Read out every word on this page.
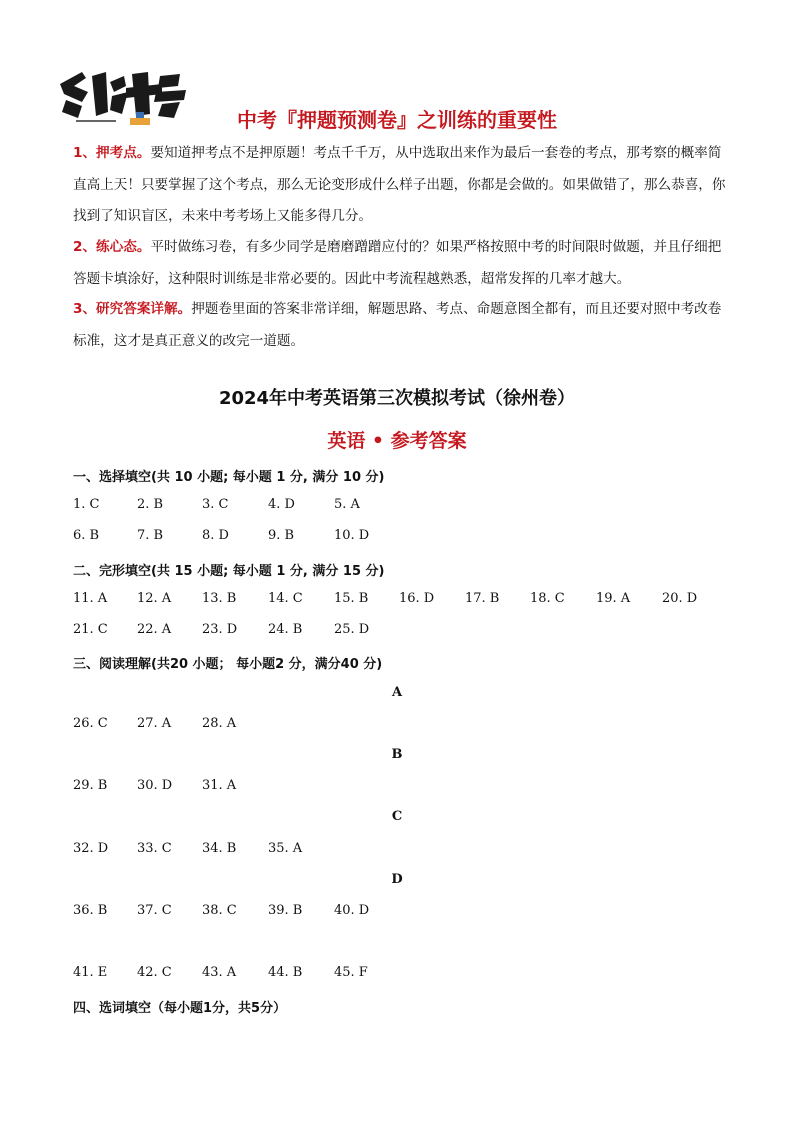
中考『押题预测卷』之训练的重要性
1、押考点。要知道押考点不是押原题！考点千千万，从中选取出来作为最后一套卷的考点，那考察的概率简直高上天！只要掌握了这个考点，那么无论变形成什么样子出题，你都是会做的。如果做错了，那么恭喜，你找到了知识盲区，未来中考考场上又能多得几分。
2、练心态。平时做练习卷，有多少同学是磨磨蹭蹭应付的？如果严格按照中考的时间限时做题，并且仔细把答题卡填涂好，这种限时训练是非常必要的。因此中考流程越熟悉，超常发挥的几率才越大。
3、研究答案详解。押题卷里面的答案非常详细，解题思路、考点、命题意图全都有，而且还要对照中考改卷标准，这才是真正意义的改完一道题。
2024年中考英语第三次模拟考试（徐州卷）
英语 • 参考答案
一、选择填空(共 10 小题; 每小题 1 分, 满分 10 分)
1. C	2. B	3. C	4. D	5. A
6. B	7. B	8. D	9. B	10. D
二、完形填空(共 15 小题; 每小题 1 分, 满分 15 分)
11. A 12. A 13. B 14. C 15. B 16. D 17. B 18. C 19. A 20. D
21. C 22. A 23. D 24. B 25. D
三、阅读理解(共20 小题； 每小题2 分，满分40 分)
A
26. C 27. A 28. A
B
29. B 30. D 31. A
C
32. D 33. C 34. B 35. A
D
36. B 37. C 38. C 39. B 40. D
41. E 42. C 43. A 44. B 45. F
四、选词填空（每小题1分，共5分）
